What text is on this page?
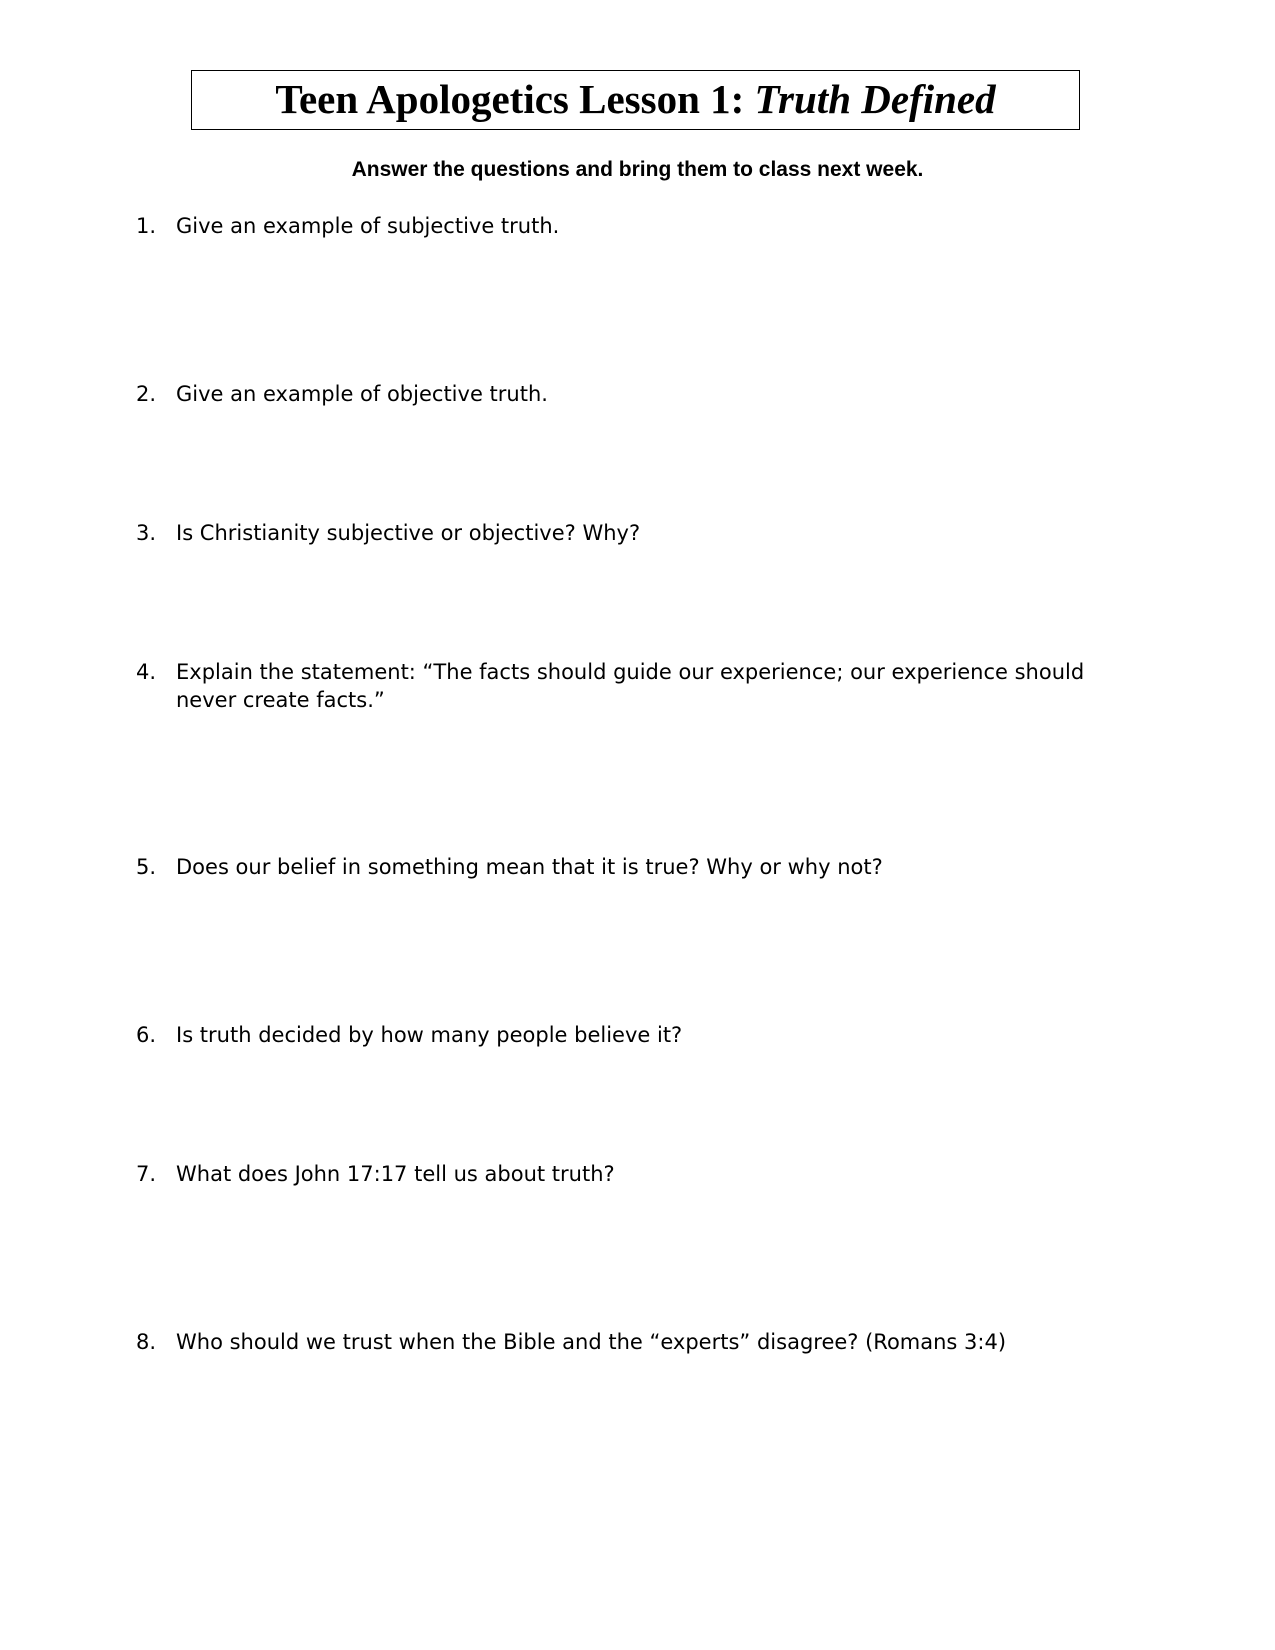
Teen Apologetics Lesson 1: Truth Defined
Answer the questions and bring them to class next week.
1. Give an example of subjective truth.
2. Give an example of objective truth.
3. Is Christianity subjective or objective? Why?
4. Explain the statement: “The facts should guide our experience; our experience should never create facts.”
5. Does our belief in something mean that it is true? Why or why not?
6. Is truth decided by how many people believe it?
7. What does John 17:17 tell us about truth?
8. Who should we trust when the Bible and the “experts” disagree? (Romans 3:4)
